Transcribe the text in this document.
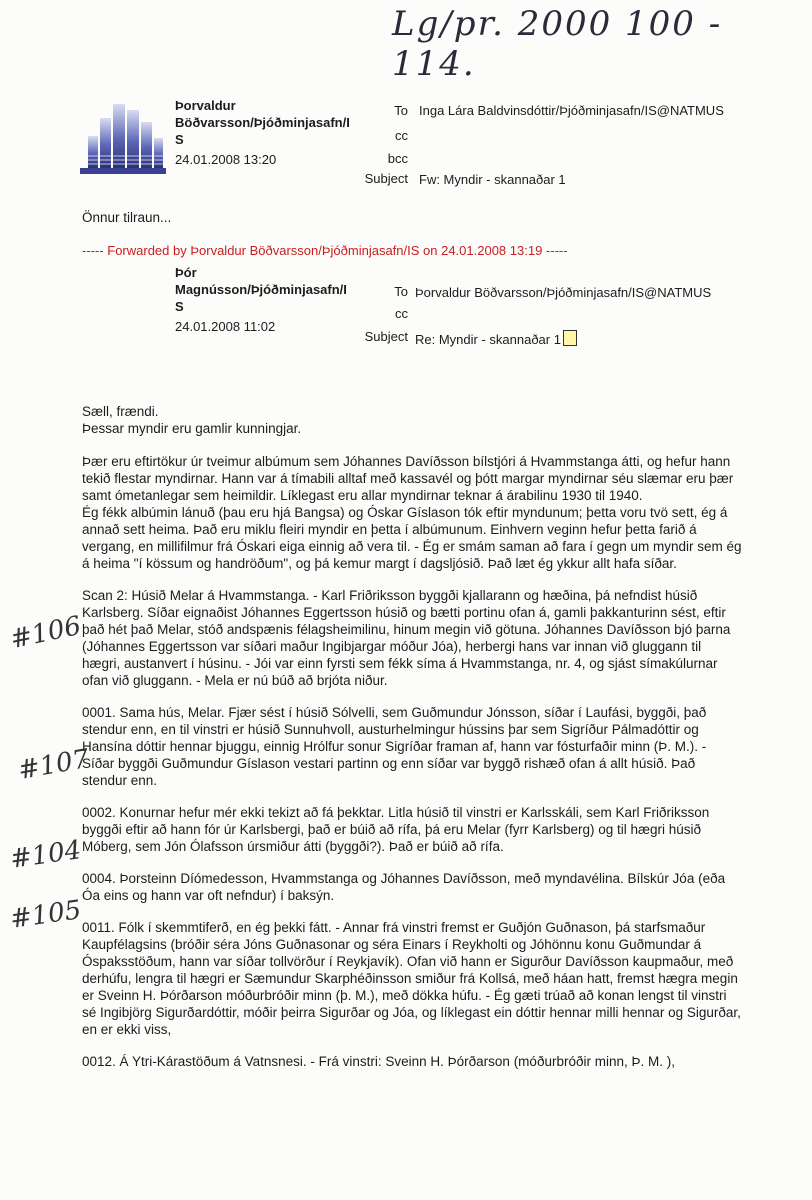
Lg/pr. 2000 100 - 114.
Þorvaldur
Böðvarsson/Þjóðminjasafn/I
S
24.01.2008 13:20
To Inga Lára Baldvinsdóttir/Þjóðminjasafn/IS@NATMUS
cc
bcc
Subject Fw: Myndir - skannaðar 1
Önnur tilraun...
----- Forwarded by Þorvaldur Böðvarsson/Þjóðminjasafn/IS on 24.01.2008 13:19 -----
Þór
Magnússon/Þjóðminjasafn/I
S
24.01.2008 11:02
To Þorvaldur Böðvarsson/Þjóðminjasafn/IS@NATMUS
cc
Subject Re: Myndir - skannaðar 1

Sæll, frændi.

Þessar myndir eru gamlir kunningjar.

Þær eru eftirtökur úr tveimur albúmum sem Jóhannes Davíðsson bílstjóri á Hvammstanga átti, og hefur hann tekið flestar myndirnar. Hann var á tímabili alltaf með kassavél og þótt margar myndirnar séu slæmar eru þær samt ómetanlegar sem heimildir. Líklegast eru allar myndirnar teknar á árabilinu 1930 til 1940.

Ég fékk albúmin lánuð (þau eru hjá Bangsa) og Óskar Gíslason tók eftir myndunum; þetta voru tvö sett, ég á annað sett heima. Það eru miklu fleiri myndir en þetta í albúmunum. Einhvern veginn hefur þetta farið á vergang, en millifilmur frá Óskari eiga einnig að vera til. - Ég er smám saman að fara í gegn um myndir sem ég á heima "í kössum og handröðum", og þá kemur margt í dagsljósið. Það læt ég ykkur allt hafa síðar.

Scan 2: Húsið Melar á Hvammstanga. - Karl Friðriksson byggði kjallarann og hæðina, þá nefndist húsið Karlsberg. Síðar eignaðist Jóhannes Eggertsson húsið og bætti portinu ofan á, gamli þakkanturinn sést, eftir það hét það Melar, stóð andspænis félagsheimilinu, hinum megin við götuna. Jóhannes Davíðsson bjó þarna (Jóhannes Eggertsson var síðari maður Ingibjargar móður Jóa), herbergi hans var innan við gluggann til hægri, austanvert í húsinu. - Jói var einn fyrsti sem fékk síma á Hvammstanga, nr. 4, og sjást símakúlurnar ofan við gluggann. - Mela er nú búð að brjóta niður.

0001. Sama hús, Melar. Fjær sést í húsið Sólvelli, sem Guðmundur Jónsson, síðar í Laufási, byggði, það stendur enn, en til vinstri er húsið Sunnuhvoll, austurhelmingur hússins þar sem Sigríður Pálmadóttir og Hansína dóttir hennar bjuggu, einnig Hrólfur sonur Sigríðar framan af, hann var fósturfaðir minn (Þ. M.). - Síðar byggði Guðmundur Gíslason vestari partinn og enn síðar var byggð rishæð ofan á allt húsið. Það stendur enn.

0002. Konurnar hefur mér ekki tekizt að fá þekktar. Litla húsið til vinstri er Karlsskáli, sem Karl Friðriksson byggði eftir að hann fór úr Karlsbergi, það er búið að rífa, þá eru Melar (fyrr Karlsberg) og til hægri húsið Móberg, sem Jón Ólafsson úrsmiður átti (byggði?). Það er búið að rífa.

0004. Þorsteinn Díómedesson, Hvammstanga og Jóhannes Davíðsson, með myndavélina. Bílskúr Jóa (eða Óa eins og hann var oft nefndur) í baksýn.

0011. Fólk í skemmtiferð, en ég þekki fátt. - Annar frá vinstri fremst er Guðjón Guðnason, þá starfsmaður Kaupfélagsins (bróðir séra Jóns Guðnasonar og séra Einars í Reykholti og Jóhönnu konu Guðmundar á Óspaksstöðum, hann var síðar tollvörður í Reykjavík). Ofan við hann er Sigurður Davíðsson kaupmaður, með derhúfu, lengra til hægri er Sæmundur Skarphéðinsson smiður frá Kollsá, með háan hatt, fremst hægra megin er Sveinn H. Þórðarson móðurbróðir minn (þ. M.), með dökka húfu. - Ég gæti trúað að konan lengst til vinstri sé Ingibjörg Sigurðardóttir, móðir þeirra Sigurðar og Jóa, og líklegast ein dóttir hennar milli hennar og Sigurðar, en er ekki viss,

0012. Á Ytri-Kárastöðum á Vatnsnesi. - Frá vinstri: Sveinn H. Þórðarson (móðurbróðir minn, Þ. M. ),

#106
#107
#104
#105
